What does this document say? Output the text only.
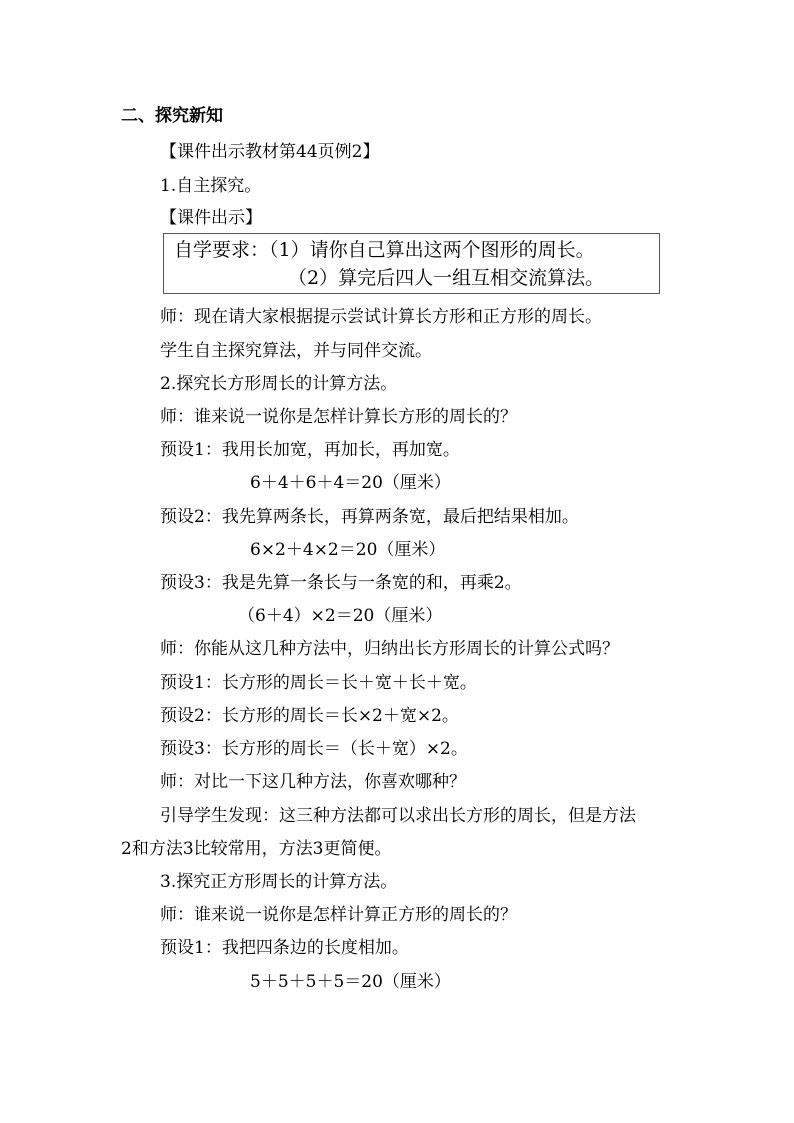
二、探究新知
【课件出示教材第44页例2】
1.自主探究。
【课件出示】
自学要求：（1）请你自己算出这两个图形的周长。
（2）算完后四人一组互相交流算法。
师：现在请大家根据提示尝试计算长方形和正方形的周长。
学生自主探究算法，并与同伴交流。
2.探究长方形周长的计算方法。
师：谁来说一说你是怎样计算长方形的周长的？
预设1：我用长加宽，再加长，再加宽。
6＋4＋6＋4＝20（厘米）
预设2：我先算两条长，再算两条宽，最后把结果相加。
6×2＋4×2＝20（厘米）
预设3：我是先算一条长与一条宽的和，再乘2。
（6＋4）×2＝20（厘米）
师：你能从这几种方法中，归纳出长方形周长的计算公式吗？
预设1：长方形的周长＝长＋宽＋长＋宽。
预设2：长方形的周长＝长×2＋宽×2。
预设3：长方形的周长＝（长＋宽）×2。
师：对比一下这几种方法，你喜欢哪种？
引导学生发现：这三种方法都可以求出长方形的周长，但是方法
2和方法3比较常用，方法3更简便。
3.探究正方形周长的计算方法。
师：谁来说一说你是怎样计算正方形的周长的？
预设1：我把四条边的长度相加。
5＋5＋5＋5＝20（厘米）
